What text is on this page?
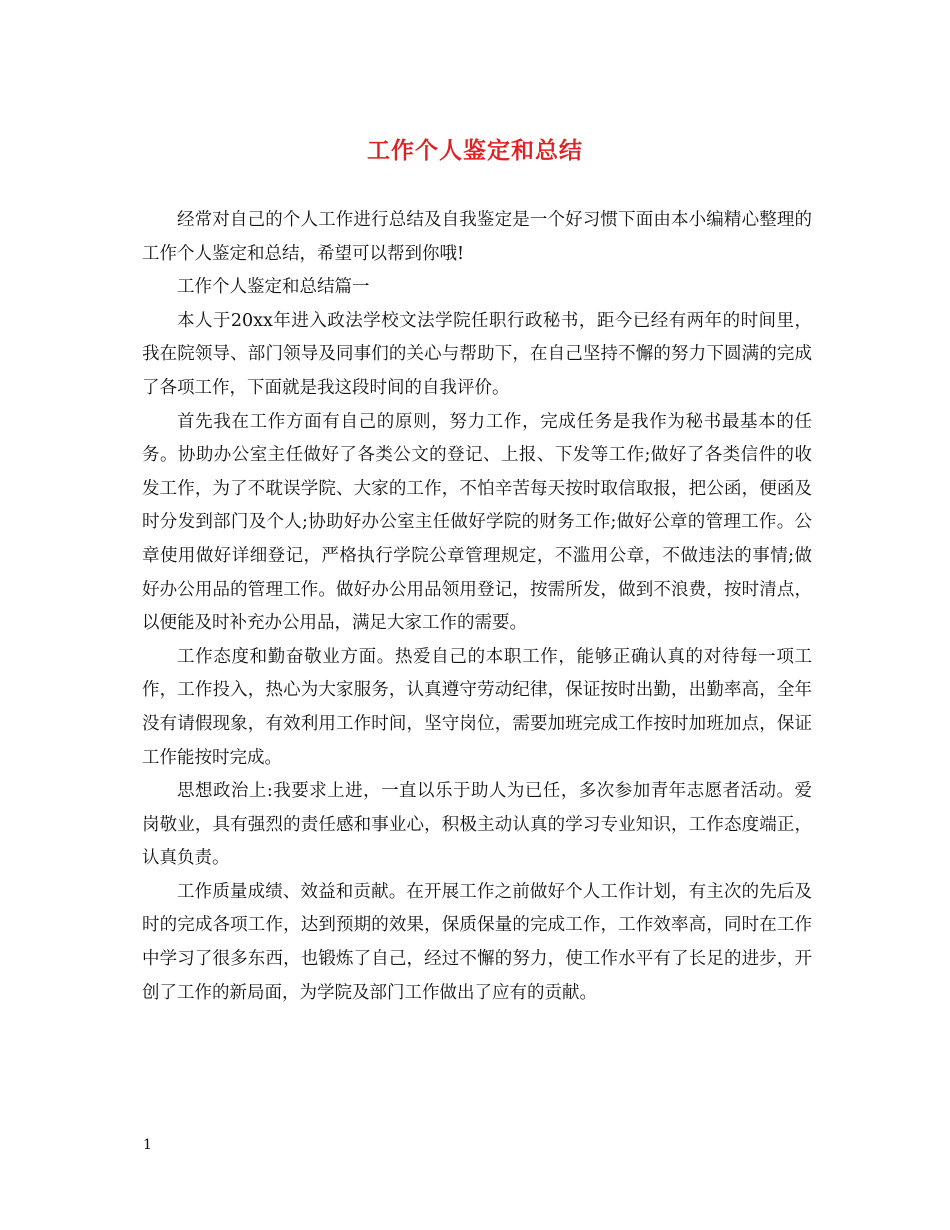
工作个人鉴定和总结

经常对自己的个人工作进行总结及自我鉴定是一个好习惯下面由本小编精心整理的工作个人鉴定和总结，希望可以帮到你哦!

工作个人鉴定和总结篇一

本人于20xx年进入政法学校文法学院任职行政秘书，距今已经有两年的时间里，我在院领导、部门领导及同事们的关心与帮助下，在自己坚持不懈的努力下圆满的完成了各项工作，下面就是我这段时间的自我评价。

首先我在工作方面有自己的原则，努力工作，完成任务是我作为秘书最基本的任务。协助办公室主任做好了各类公文的登记、上报、下发等工作;做好了各类信件的收发工作，为了不耽误学院、大家的工作，不怕辛苦每天按时取信取报，把公函，便函及时分发到部门及个人;协助好办公室主任做好学院的财务工作;做好公章的管理工作。公章使用做好详细登记，严格执行学院公章管理规定，不滥用公章，不做违法的事情;做好办公用品的管理工作。做好办公用品领用登记，按需所发，做到不浪费，按时清点，以便能及时补充办公用品，满足大家工作的需要。

工作态度和勤奋敬业方面。热爱自己的本职工作，能够正确认真的对待每一项工作，工作投入，热心为大家服务，认真遵守劳动纪律，保证按时出勤，出勤率高，全年没有请假现象，有效利用工作时间，坚守岗位，需要加班完成工作按时加班加点，保证工作能按时完成。

思想政治上:我要求上进，一直以乐于助人为已任，多次参加青年志愿者活动。爱岗敬业，具有强烈的责任感和事业心，积极主动认真的学习专业知识，工作态度端正，认真负责。

工作质量成绩、效益和贡献。在开展工作之前做好个人工作计划，有主次的先后及时的完成各项工作，达到预期的效果，保质保量的完成工作，工作效率高，同时在工作中学习了很多东西，也锻炼了自己，经过不懈的努力，使工作水平有了长足的进步，开创了工作的新局面，为学院及部门工作做出了应有的贡献。

1
